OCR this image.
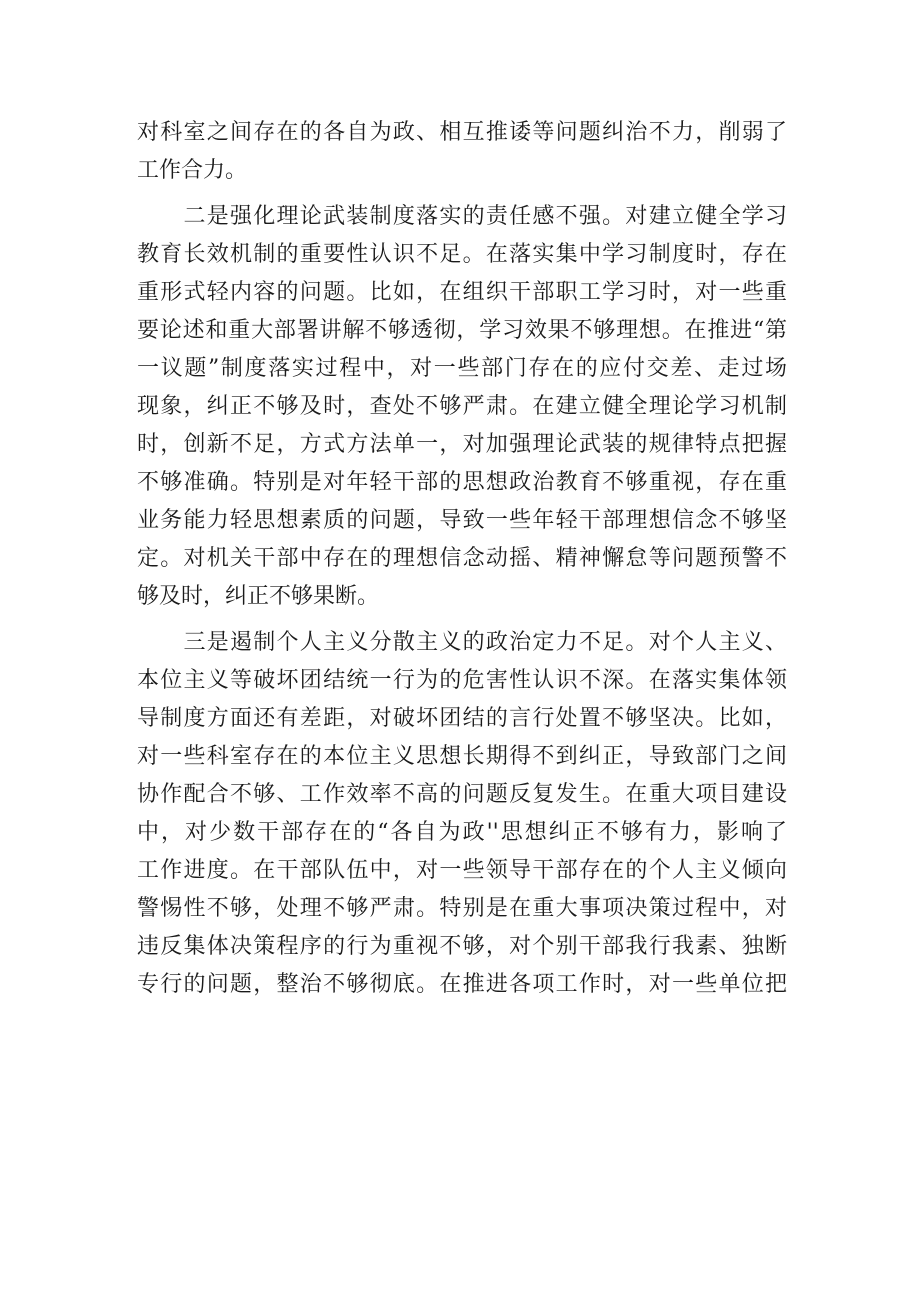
对科室之间存在的各自为政、相互推诿等问题纠治不力，削弱了
工作合力。
　　二是强化理论武装制度落实的责任感不强。对建立健全学习
教育长效机制的重要性认识不足。在落实集中学习制度时，存在
重形式轻内容的问题。比如，在组织干部职工学习时，对一些重
要论述和重大部署讲解不够透彻，学习效果不够理想。在推进“第
一议题”制度落实过程中，对一些部门存在的应付交差、走过场
现象，纠正不够及时，查处不够严肃。在建立健全理论学习机制
时，创新不足，方式方法单一，对加强理论武装的规律特点把握
不够准确。特别是对年轻干部的思想政治教育不够重视，存在重
业务能力轻思想素质的问题，导致一些年轻干部理想信念不够坚
定。对机关干部中存在的理想信念动摇、精神懈怠等问题预警不
够及时，纠正不够果断。
　　三是遏制个人主义分散主义的政治定力不足。对个人主义、
本位主义等破坏团结统一行为的危害性认识不深。在落实集体领
导制度方面还有差距，对破坏团结的言行处置不够坚决。比如，
对一些科室存在的本位主义思想长期得不到纠正，导致部门之间
协作配合不够、工作效率不高的问题反复发生。在重大项目建设
中，对少数干部存在的“各自为政''思想纠正不够有力，影响了
工作进度。在干部队伍中，对一些领导干部存在的个人主义倾向
警惕性不够，处理不够严肃。特别是在重大事项决策过程中，对
违反集体决策程序的行为重视不够，对个别干部我行我素、独断
专行的问题，整治不够彻底。在推进各项工作时，对一些单位把
